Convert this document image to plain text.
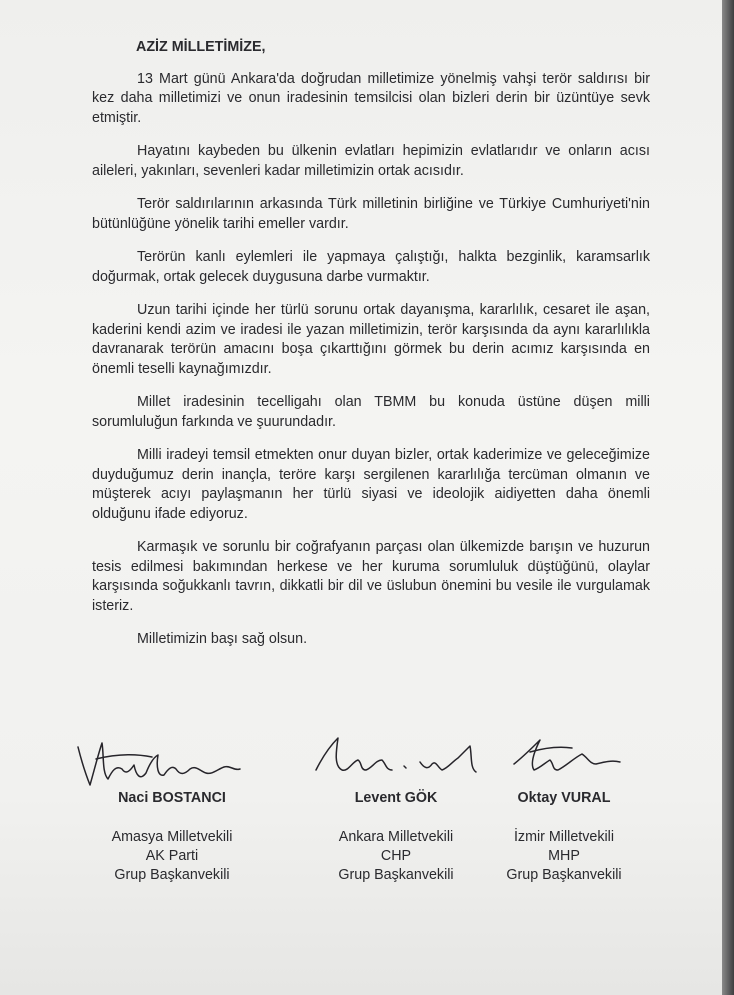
AZİZ MİLLETİMİZE,

13 Mart günü Ankara'da doğrudan milletimize yönelmiş vahşi terör saldırısı bir kez daha milletimizi ve onun iradesinin temsilcisi olan bizleri derin bir üzüntüye sevk etmiştir.

Hayatını kaybeden bu ülkenin evlatları hepimizin evlatlarıdır ve onların acısı aileleri, yakınları, sevenleri kadar milletimizin ortak acısıdır.

Terör saldırılarının arkasında Türk milletinin birliğine ve Türkiye Cumhuriyeti'nin bütünlüğüne yönelik tarihi emeller vardır.

Terörün kanlı eylemleri ile yapmaya çalıştığı, halkta bezginlik, karamsarlık doğurmak, ortak gelecek duygusuna darbe vurmaktır.

Uzun tarihi içinde her türlü sorunu ortak dayanışma, kararlılık, cesaret ile aşan, kaderini kendi azim ve iradesi ile yazan milletimizin, terör karşısında da aynı kararlılıkla davranarak terörün amacını boşa çıkarttığını görmek bu derin acımız karşısında en önemli teselli kaynağımızdır.

Millet iradesinin tecelligahı olan TBMM bu konuda üstüne düşen milli sorumluluğun farkında ve şuurundadır.

Milli iradeyi temsil etmekten onur duyan bizler, ortak kaderimize ve geleceğimize duyduğumuz derin inançla, teröre karşı sergilenen kararlılığa tercüman olmanın ve müşterek acıyı paylaşmanın her türlü siyasi ve ideolojik aidiyetten daha önemli olduğunu ifade ediyoruz.

Karmaşık ve sorunlu bir coğrafyanın parçası olan ülkemizde barışın ve huzurun tesis edilmesi bakımından herkese ve her kuruma sorumluluk düştüğünü, olaylar karşısında soğukkanlı tavrın, dikkatli bir dil ve üslubun önemini bu vesile ile vurgulamak isteriz.

Milletimizin başı sağ olsun.
Naci BOSTANCI
Amasya Milletvekili
AK Parti
Grup Başkanvekili
Levent GÖK
Ankara Milletvekili
CHP
Grup Başkanvekili
Oktay VURAL
İzmir Milletvekili
MHP
Grup Başkanvekili
